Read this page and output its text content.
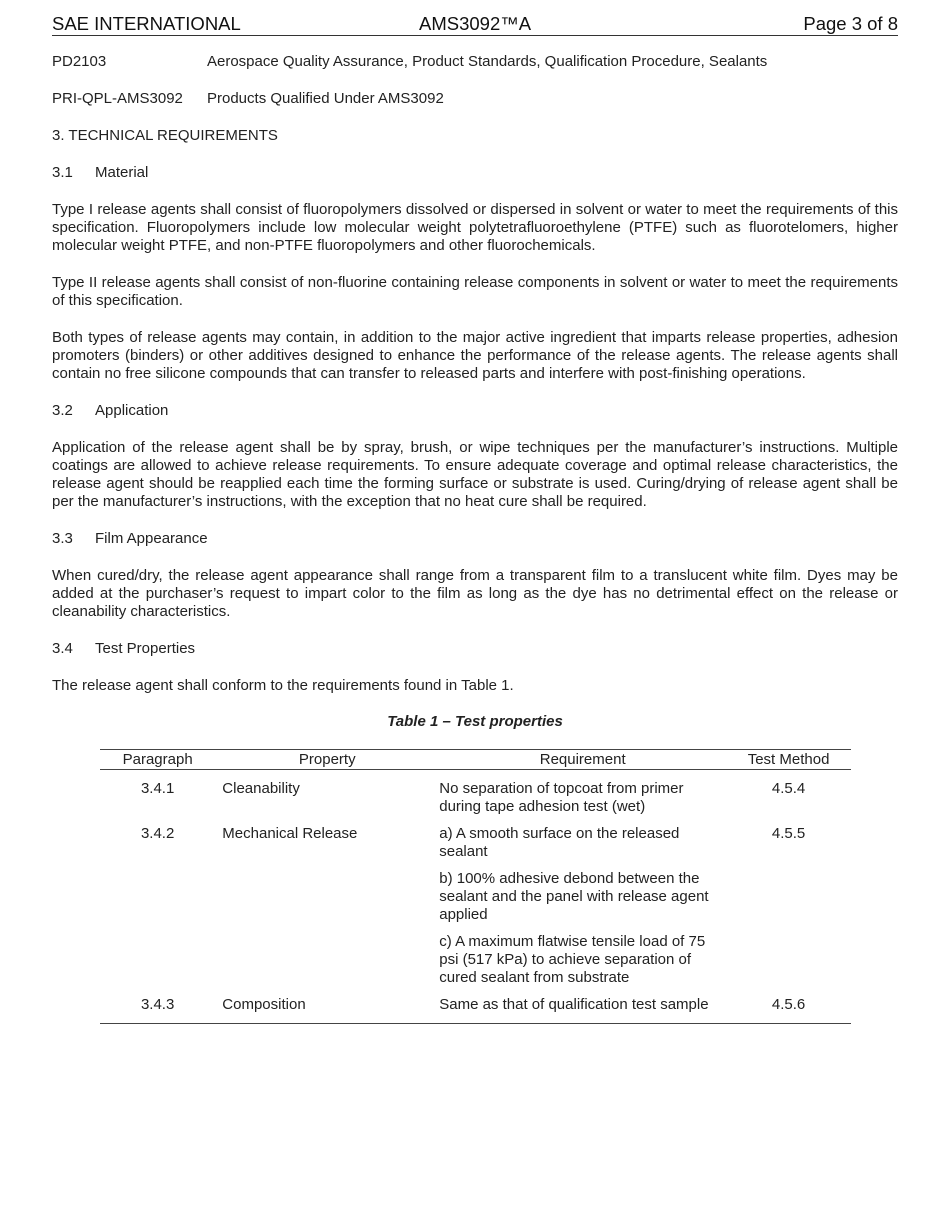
SAE INTERNATIONAL	AMS3092™A	Page 3 of 8
PD2103	Aerospace Quality Assurance, Product Standards, Qualification Procedure, Sealants
PRI-QPL-AMS3092 Products Qualified Under AMS3092
3. TECHNICAL REQUIREMENTS
3.1 Material
Type I release agents shall consist of fluoropolymers dissolved or dispersed in solvent or water to meet the requirements of this specification. Fluoropolymers include low molecular weight polytetrafluoroethylene (PTFE) such as fluorotelomers, higher molecular weight PTFE, and non-PTFE fluoropolymers and other fluorochemicals.
Type II release agents shall consist of non-fluorine containing release components in solvent or water to meet the requirements of this specification.
Both types of release agents may contain, in addition to the major active ingredient that imparts release properties, adhesion promoters (binders) or other additives designed to enhance the performance of the release agents. The release agents shall contain no free silicone compounds that can transfer to released parts and interfere with post-finishing operations.
3.2 Application
Application of the release agent shall be by spray, brush, or wipe techniques per the manufacturer’s instructions. Multiple coatings are allowed to achieve release requirements. To ensure adequate coverage and optimal release characteristics, the release agent should be reapplied each time the forming surface or substrate is used. Curing/drying of release agent shall be per the manufacturer’s instructions, with the exception that no heat cure shall be required.
3.3 Film Appearance
When cured/dry, the release agent appearance shall range from a transparent film to a translucent white film. Dyes may be added at the purchaser’s request to impart color to the film as long as the dye has no detrimental effect on the release or cleanability characteristics.
3.4 Test Properties
The release agent shall conform to the requirements found in Table 1.
Table 1 – Test properties
Paragraph	Property	Requirement	Test Method
3.4.1	Cleanability	No separation of topcoat from primer during tape adhesion test (wet)	4.5.4
3.4.2	Mechanical Release	a) A smooth surface on the released sealant	4.5.5
		b) 100% adhesive debond between the sealant and the panel with release agent applied	
		c) A maximum flatwise tensile load of 75 psi (517 kPa) to achieve separation of cured sealant from substrate	
3.4.3	Composition	Same as that of qualification test sample	4.5.6
